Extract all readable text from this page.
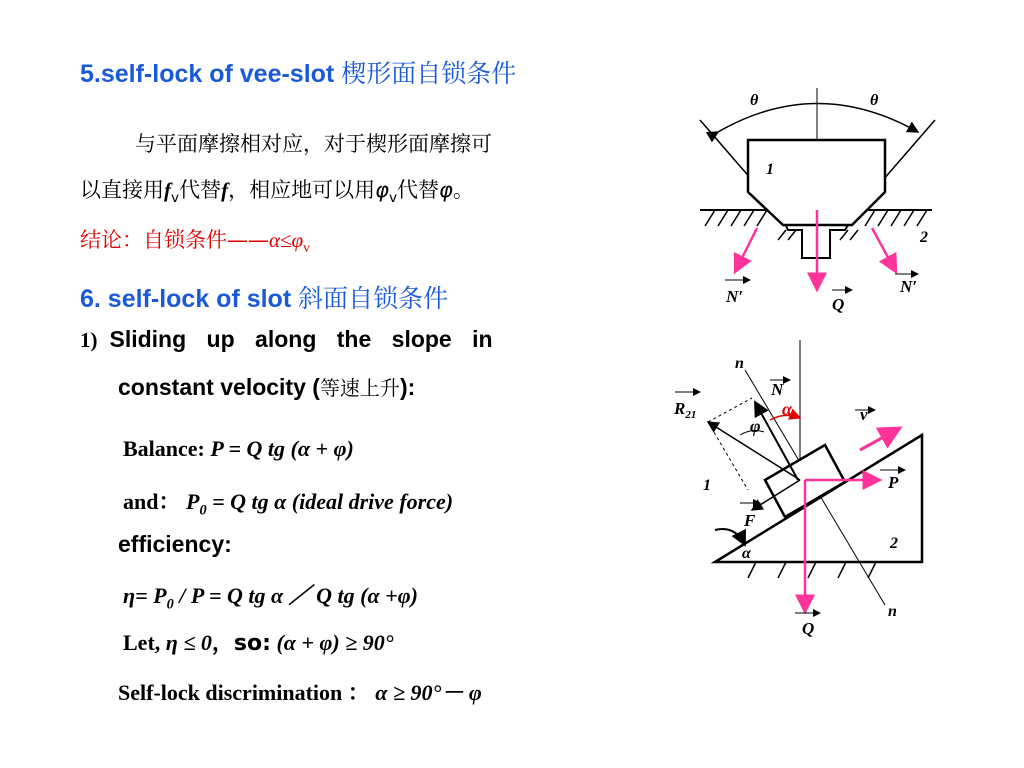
5.self-lock of vee-slot 楔形面自锁条件
与平面摩擦相对应，对于楔形面摩擦可
以直接用$f_v$代替f，相应地可以用$\varphi_v$代替φ。
结论：自锁条件$——\alpha\le\varphi_v$
6. self-lock of slot 斜面自锁条件
1) Sliding up along the slope in
constant velocity (等速上升):
Balance: P = Q tg (α + φ)
and： $P_0 = Q$ tg α (ideal drive force)
efficiency:
$\eta= P_0 / P = Q$ tg α ／ Q tg (α +φ)
Let, η ≤ 0，so: (α + φ) ≥ 90°
Self-lock discrimination ： α ≥ 90°－ φ
θ	θ
1
2
N′
N′
Q
n
n
N
$R_{21}$	α
φ
v
P
1
F
2
α
Q
